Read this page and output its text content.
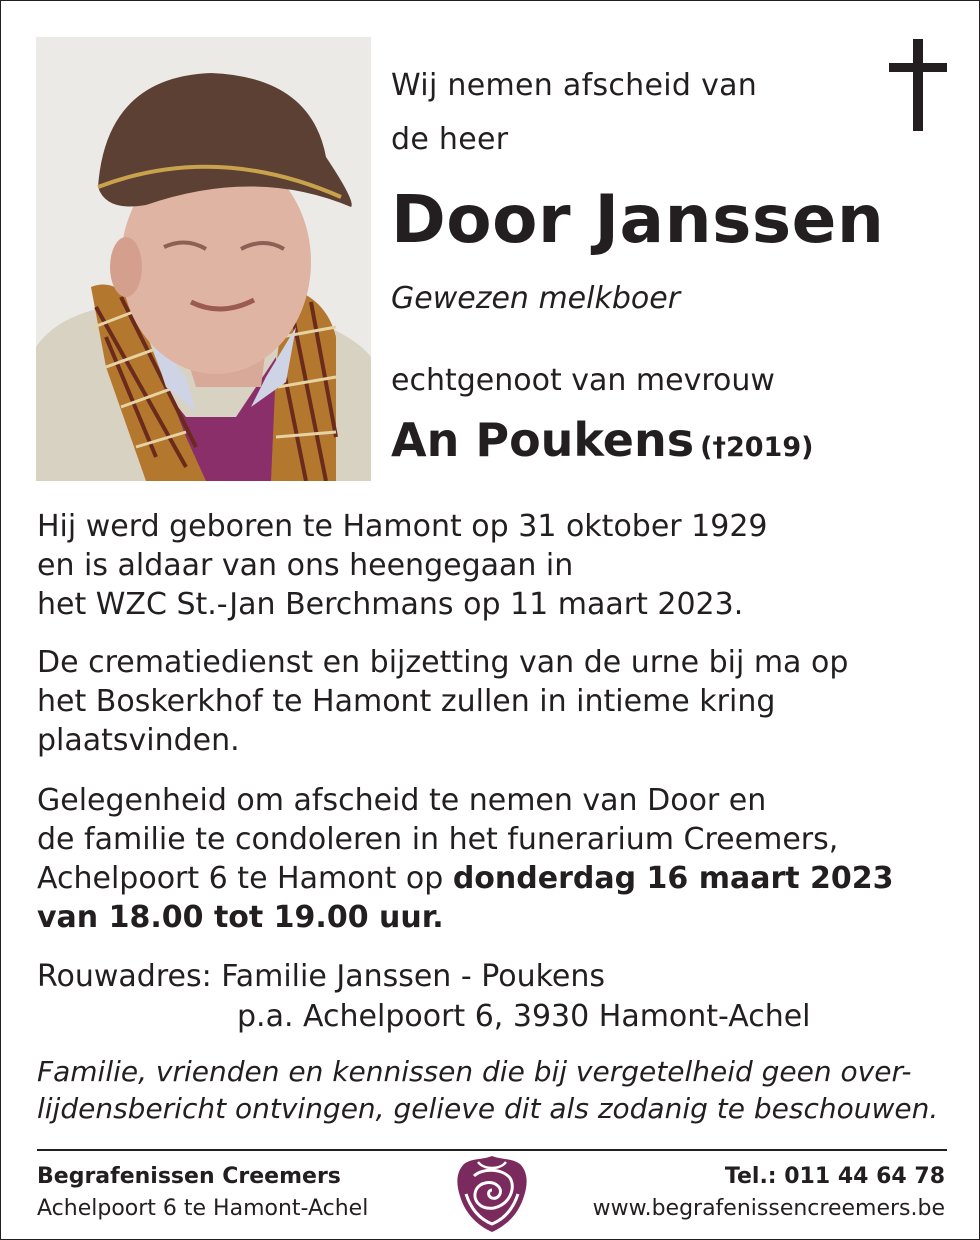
Wij nemen afscheid van
de heer
Door Janssen
Gewezen melkboer
echtgenoot van mevrouw
An Poukens (†2019)
Hij werd geboren te Hamont op 31 oktober 1929
en is aldaar van ons heengegaan in
het WZC St.-Jan Berchmans op 11 maart 2023.
De crematiedienst en bijzetting van de urne bij ma op
het Boskerkhof te Hamont zullen in intieme kring
plaatsvinden.
Gelegenheid om afscheid te nemen van Door en
de familie te condoleren in het funerarium Creemers,
Achelpoort 6 te Hamont op donderdag 16 maart 2023
van 18.00 tot 19.00 uur.
Rouwadres: Familie Janssen - Poukens
p.a. Achelpoort 6, 3930 Hamont-Achel
Familie, vrienden en kennissen die bij vergetelheid geen over-
lijdensbericht ontvingen, gelieve dit als zodanig te beschouwen.
Begrafenissen Creemers
Achelpoort 6 te Hamont-Achel
Tel.: 011 44 64 78
www.begrafenissencreemers.be
